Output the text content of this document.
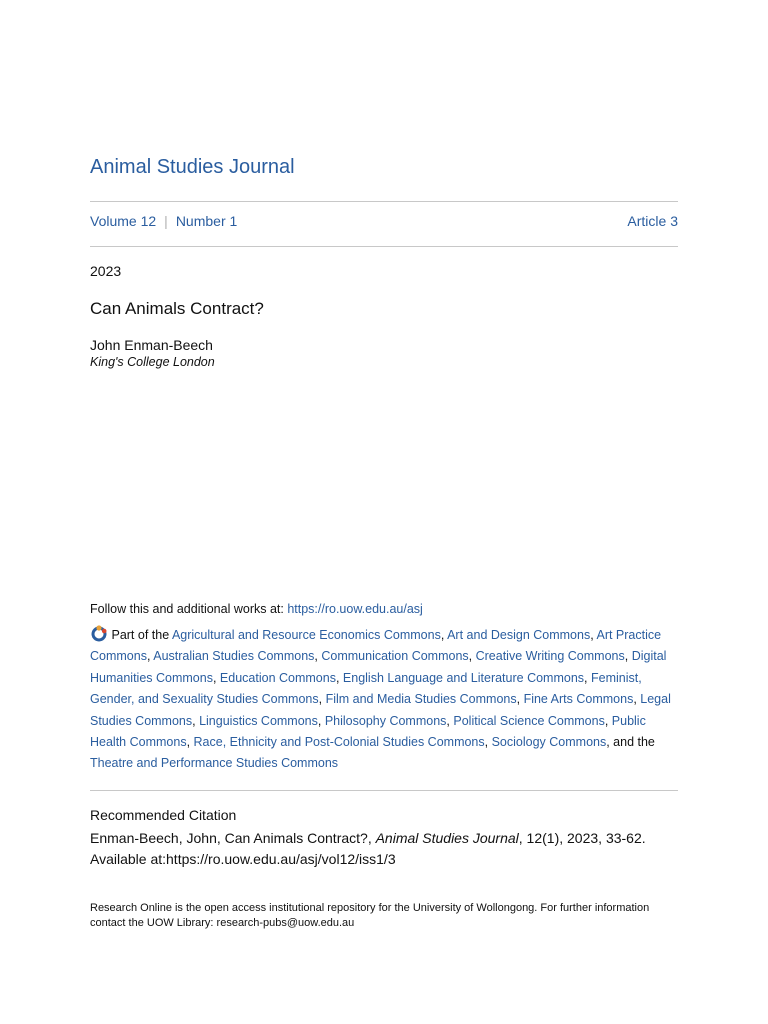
Animal Studies Journal
Volume 12 | Number 1	Article 3
2023
Can Animals Contract?
John Enman-Beech
King's College London
Follow this and additional works at: https://ro.uow.edu.au/asj
Part of the Agricultural and Resource Economics Commons, Art and Design Commons, Art Practice Commons, Australian Studies Commons, Communication Commons, Creative Writing Commons, Digital Humanities Commons, Education Commons, English Language and Literature Commons, Feminist, Gender, and Sexuality Studies Commons, Film and Media Studies Commons, Fine Arts Commons, Legal Studies Commons, Linguistics Commons, Philosophy Commons, Political Science Commons, Public Health Commons, Race, Ethnicity and Post-Colonial Studies Commons, Sociology Commons, and the Theatre and Performance Studies Commons
Recommended Citation
Enman-Beech, John, Can Animals Contract?, Animal Studies Journal, 12(1), 2023, 33-62.
Available at:https://ro.uow.edu.au/asj/vol12/iss1/3
Research Online is the open access institutional repository for the University of Wollongong. For further information contact the UOW Library: research-pubs@uow.edu.au
